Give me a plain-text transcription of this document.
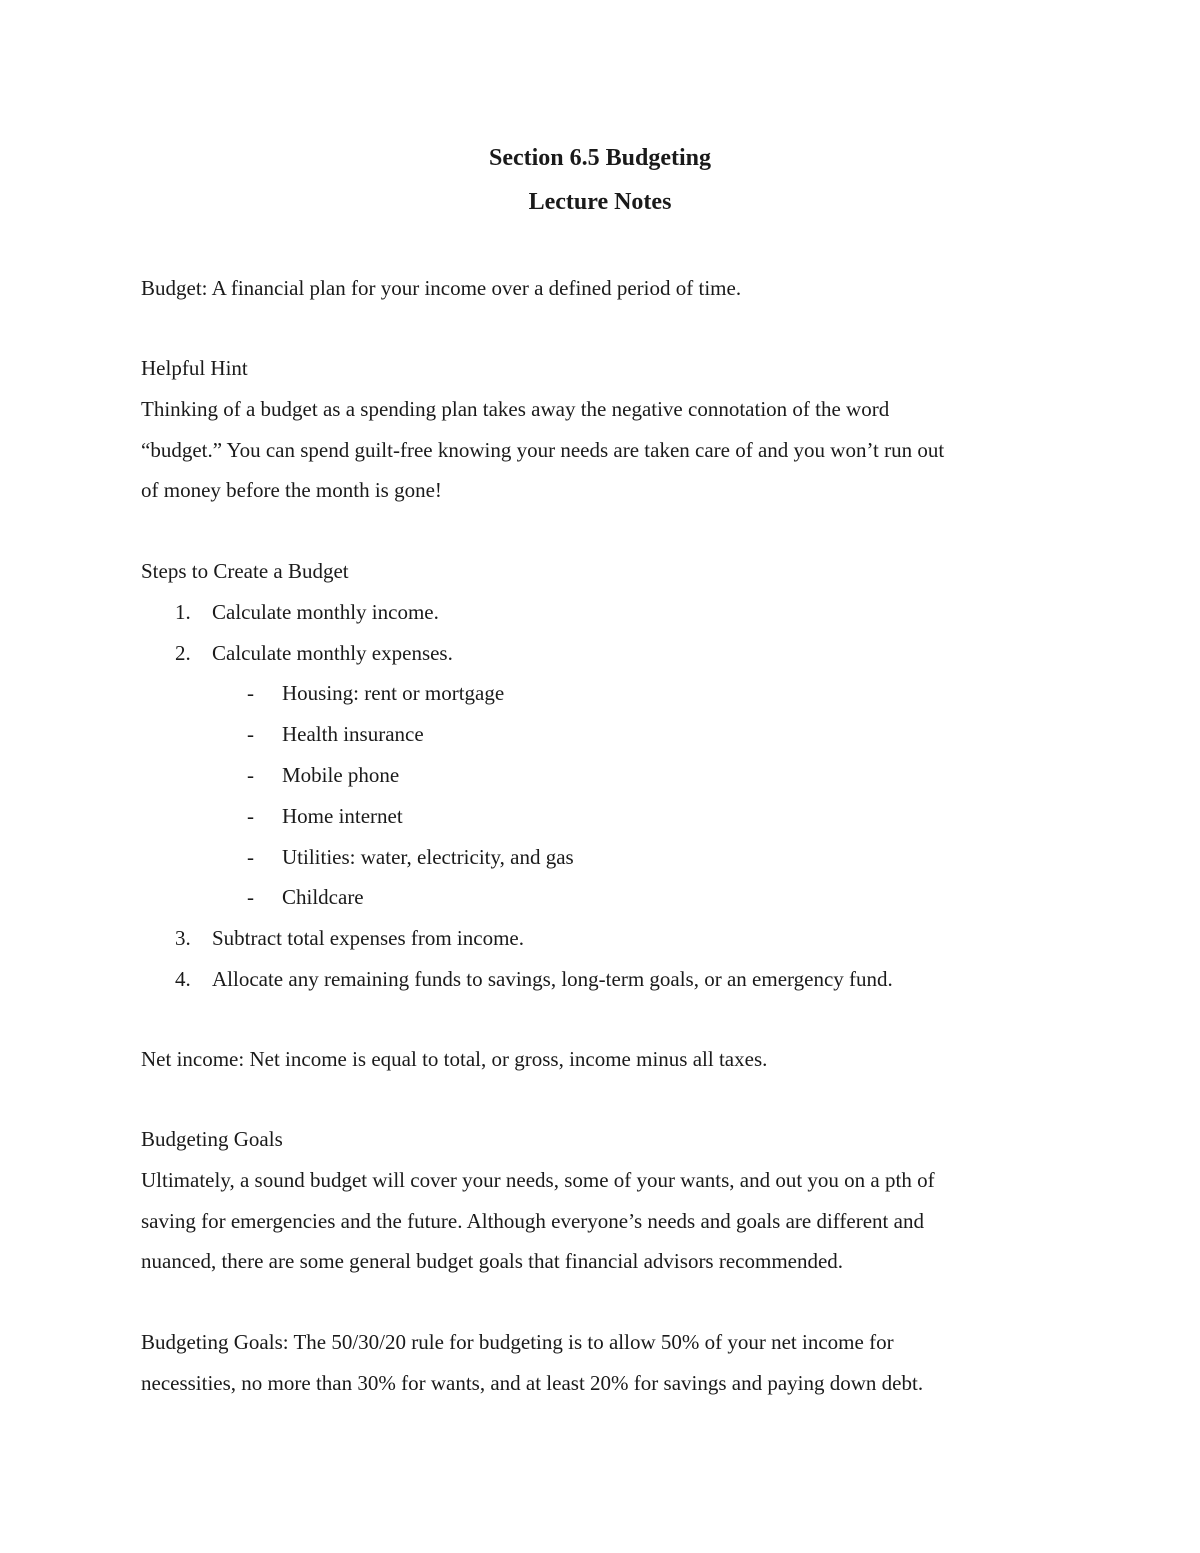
Section 6.5 Budgeting
Lecture Notes

Budget: A financial plan for your income over a defined period of time.

Helpful Hint
Thinking of a budget as a spending plan takes away the negative connotation of the word
“budget.” You can spend guilt-free knowing your needs are taken care of and you won’t run out
of money before the month is gone!
Steps to Create a Budget
1. Calculate monthly income.
2. Calculate monthly expenses.
- Housing: rent or mortgage
- Health insurance
- Mobile phone
- Home internet
- Utilities: water, electricity, and gas
- Childcare
3. Subtract total expenses from income.
4. Allocate any remaining funds to savings, long-term goals, or an emergency fund.

Net income: Net income is equal to total, or gross, income minus all taxes.

Budgeting Goals
Ultimately, a sound budget will cover your needs, some of your wants, and out you on a pth of
saving for emergencies and the future. Although everyone’s needs and goals are different and
nuanced, there are some general budget goals that financial advisors recommended.
Budgeting Goals: The 50/30/20 rule for budgeting is to allow 50% of your net income for
necessities, no more than 30% for wants, and at least 20% for savings and paying down debt.
